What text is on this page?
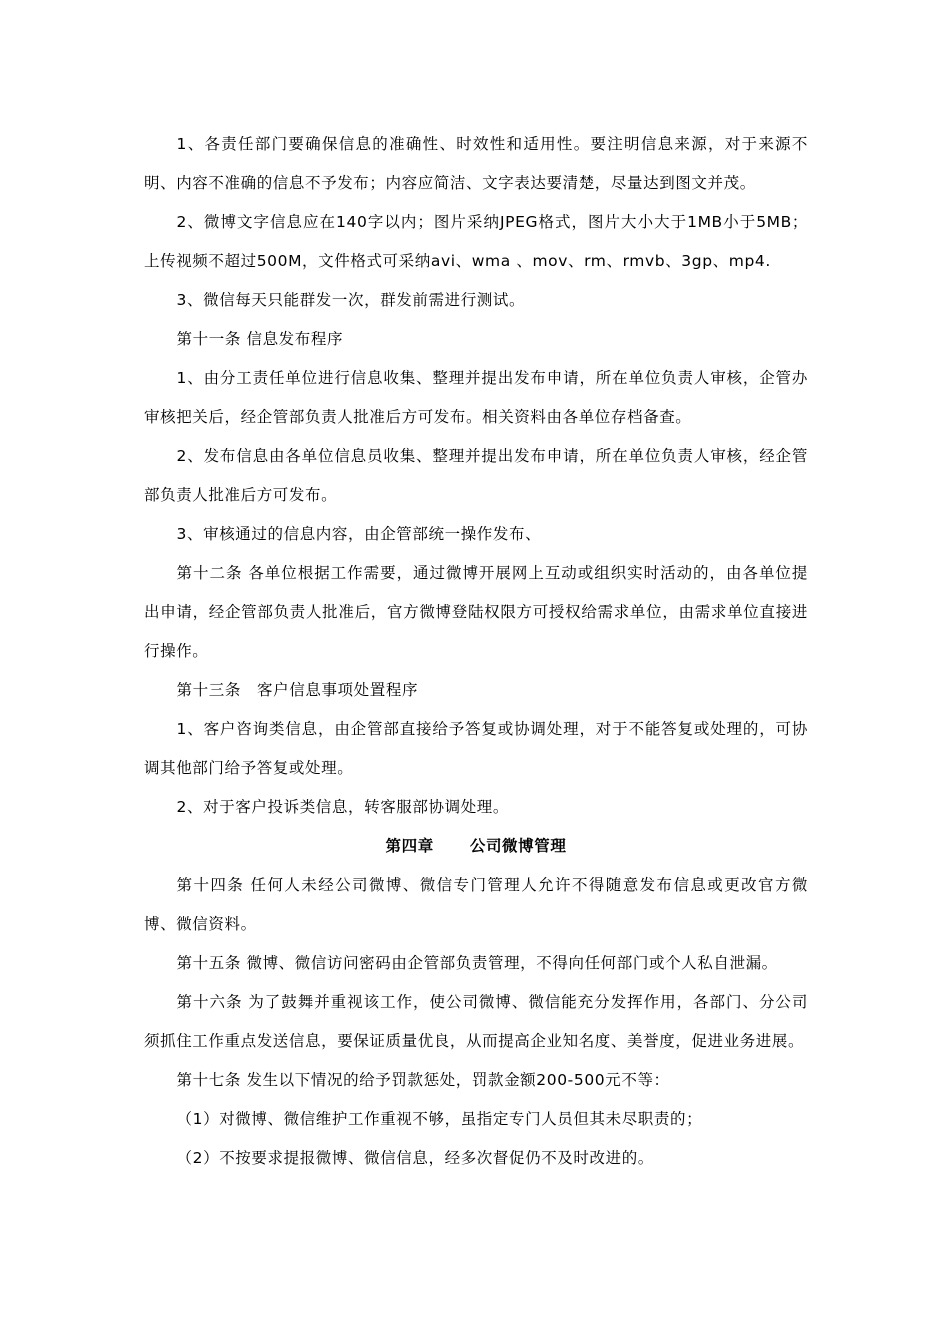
1、各责任部门要确保信息的准确性、时效性和适用性。要注明信息来源，对于来源不明、内容不准确的信息不予发布；内容应简洁、文字表达要清楚，尽量达到图文并茂。

2、微博文字信息应在140字以内；图片采纳JPEG格式，图片大小大于1MB小于5MB；上传视频不超过500M，文件格式可采纳avi、wma 、mov、rm、rmvb、3gp、mp4.

3、微信每天只能群发一次，群发前需进行测试。

第十一条 信息发布程序

1、由分工责任单位进行信息收集、整理并提出发布申请，所在单位负责人审核，企管办审核把关后，经企管部负责人批准后方可发布。相关资料由各单位存档备查。

2、发布信息由各单位信息员收集、整理并提出发布申请，所在单位负责人审核，经企管部负责人批准后方可发布。

3、审核通过的信息内容，由企管部统一操作发布、

第十二条 各单位根据工作需要，通过微博开展网上互动或组织实时活动的，由各单位提出申请，经企管部负责人批准后，官方微博登陆权限方可授权给需求单位，由需求单位直接进行操作。

第十三条　客户信息事项处置程序

1、客户咨询类信息，由企管部直接给予答复或协调处理，对于不能答复或处理的，可协调其他部门给予答复或处理。

2、对于客户投诉类信息，转客服部协调处理。

第四章 公司微博管理

第十四条 任何人未经公司微博、微信专门管理人允许不得随意发布信息或更改官方微博、微信资料。

第十五条 微博、微信访问密码由企管部负责管理，不得向任何部门或个人私自泄漏。

第十六条 为了鼓舞并重视该工作，使公司微博、微信能充分发挥作用，各部门、分公司须抓住工作重点发送信息，要保证质量优良，从而提高企业知名度、美誉度，促进业务进展。

第十七条 发生以下情况的给予罚款惩处，罚款金额200-500元不等：

（1）对微博、微信维护工作重视不够，虽指定专门人员但其未尽职责的；

（2）不按要求提报微博、微信信息，经多次督促仍不及时改进的。
